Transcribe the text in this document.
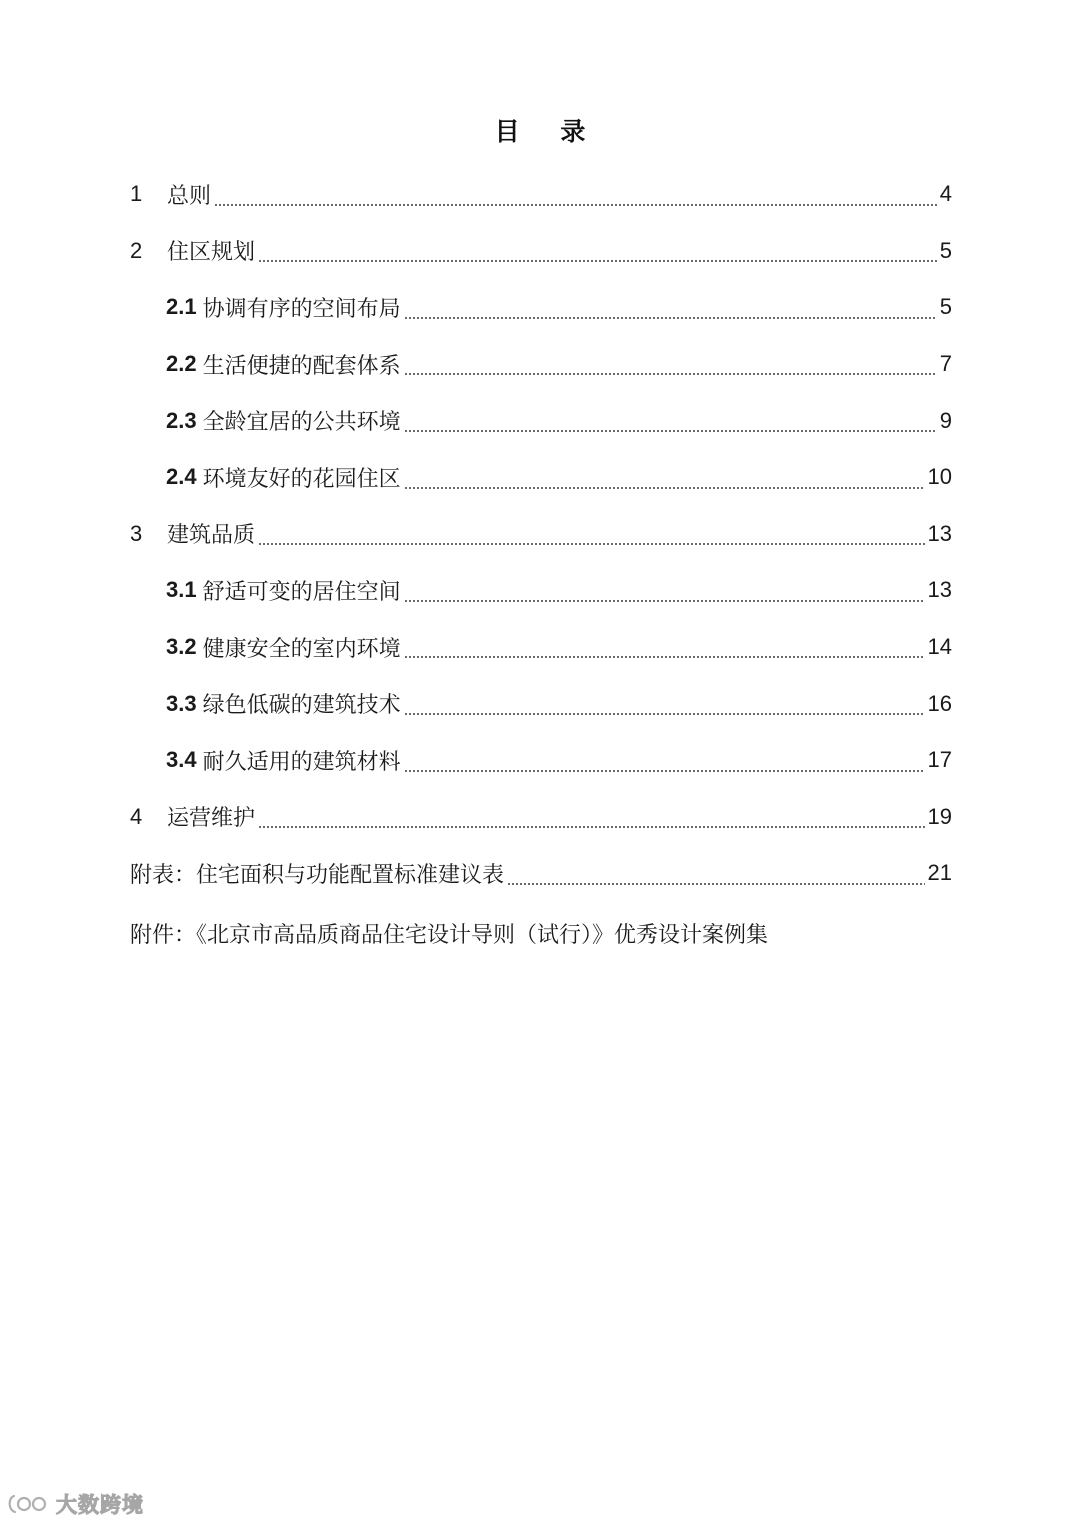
目 录
1	总则	4
2	住区规划	5
2.1 协调有序的空间布局	5
2.2 生活便捷的配套体系	7
2.3 全龄宜居的公共环境	9
2.4 环境友好的花园住区	10
3	建筑品质	13
3.1 舒适可变的居住空间	13
3.2 健康安全的室内环境	14
3.3 绿色低碳的建筑技术	16
3.4 耐久适用的建筑材料	17
4	运营维护	19
附表：住宅面积与功能配置标准建议表	21
附件：《北京市高品质商品住宅设计导则（试行）》优秀设计案例集
大数跨境
